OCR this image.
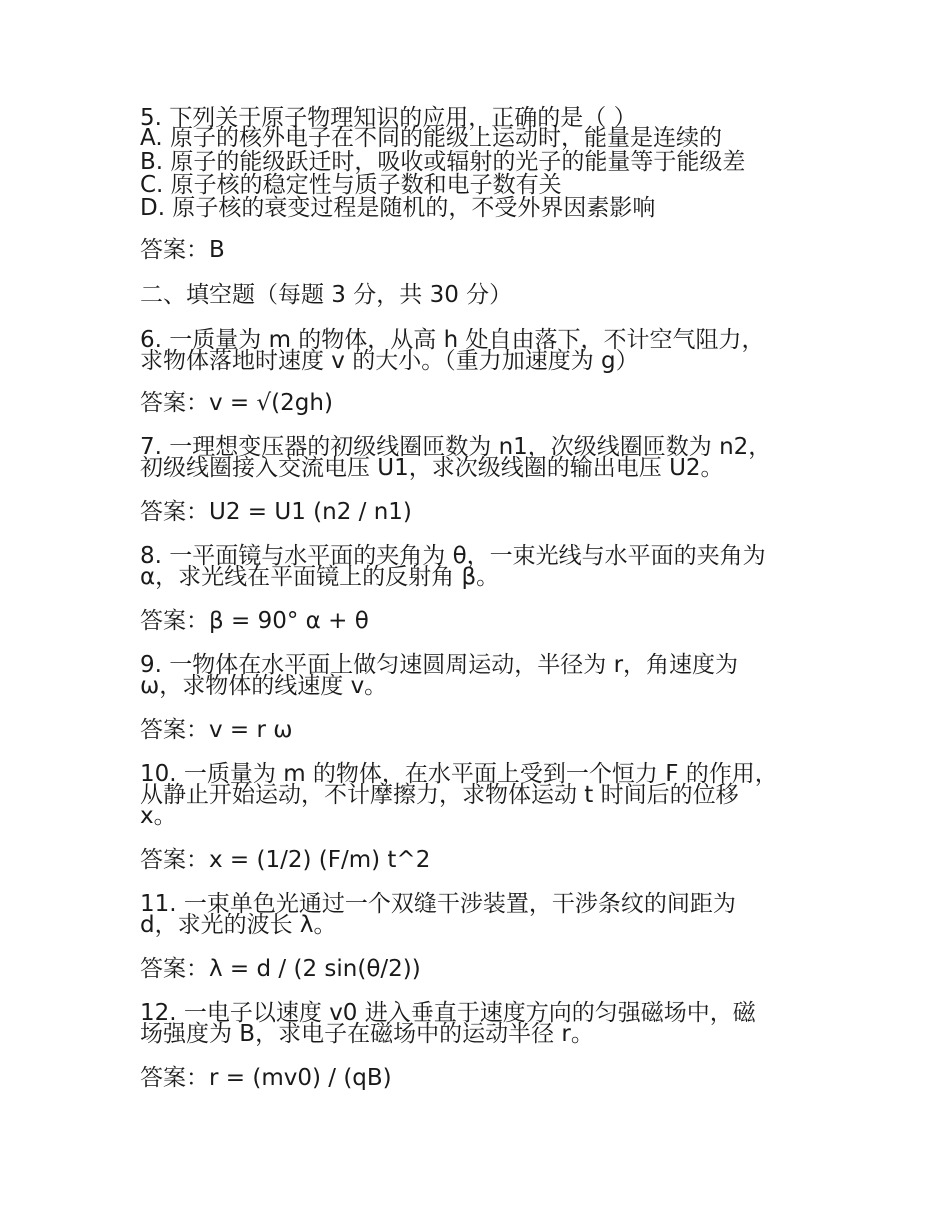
5. 下列关于原子物理知识的应用，正确的是（ ）

A. 原子的核外电子在不同的能级上运动时，能量是连续的

B. 原子的能级跃迁时，吸收或辐射的光子的能量等于能级差

C. 原子核的稳定性与质子数和电子数有关

D. 原子核的衰变过程是随机的，不受外界因素影响

答案：B

二、填空题（每题 3 分，共 30 分）

6. 一质量为 m 的物体，从高 h 处自由落下，不计空气阻力，

求物体落地时速度 v 的大小。（重力加速度为 g）

答案：v = √(2gh)

7. 一理想变压器的初级线圈匝数为 n1，次级线圈匝数为 n2，

初级线圈接入交流电压 U1，求次级线圈的输出电压 U2。

答案：U2 = U1 (n2 / n1)

8. 一平面镜与水平面的夹角为 θ，一束光线与水平面的夹角为

α，求光线在平面镜上的反射角 β。

答案：β = 90° α + θ

9. 一物体在水平面上做匀速圆周运动，半径为 r，角速度为

ω，求物体的线速度 v。

答案：v = r ω

10. 一质量为 m 的物体，在水平面上受到一个恒力 F 的作用，

从静止开始运动，不计摩擦力，求物体运动 t 时间后的位移

x。

答案：x = (1/2) (F/m) t^2

11. 一束单色光通过一个双缝干涉装置，干涉条纹的间距为

d，求光的波长 λ。

答案：λ = d / (2 sin(θ/2))

12. 一电子以速度 v0 进入垂直于速度方向的匀强磁场中，磁

场强度为 B，求电子在磁场中的运动半径 r。

答案：r = (mv0) / (qB)
